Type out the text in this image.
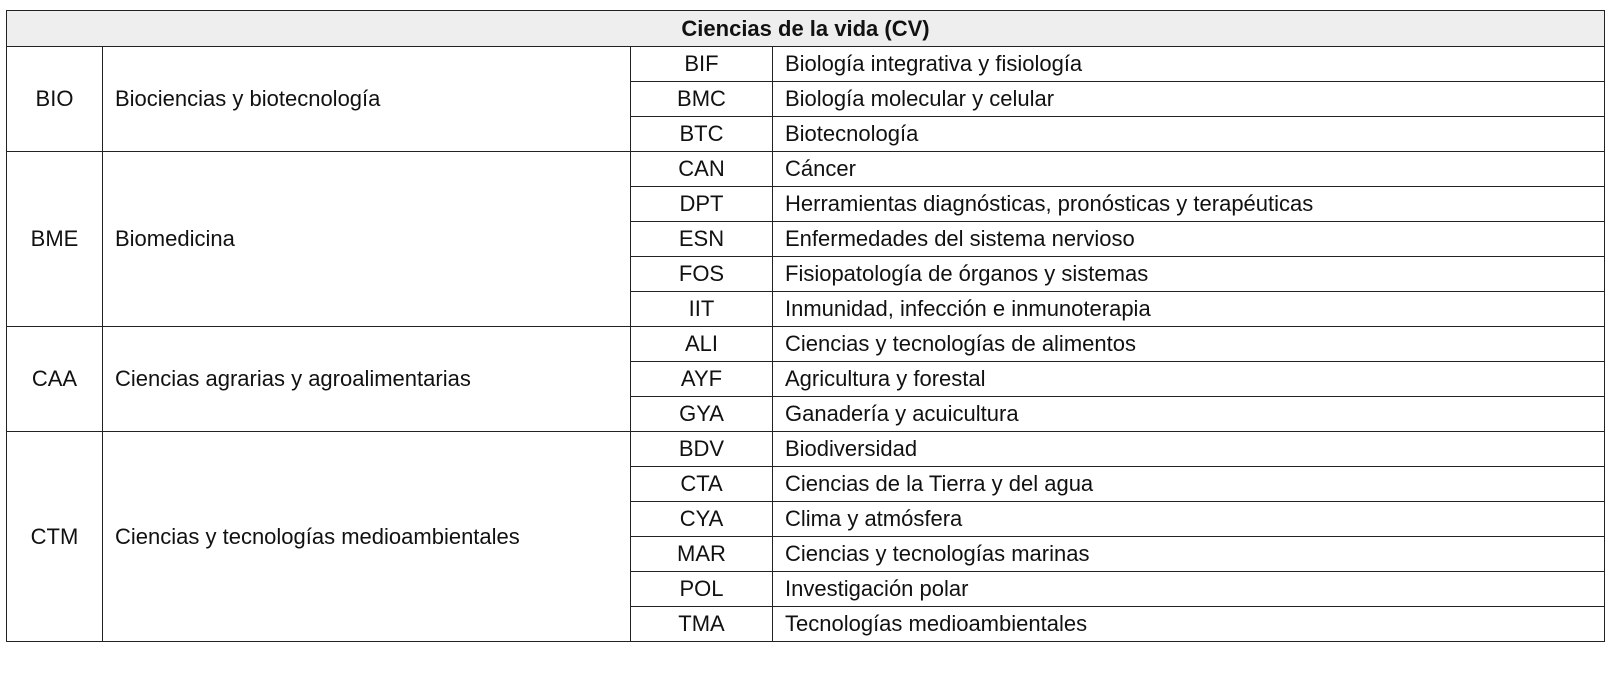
Ciencias de la vida (CV)			
BIO	Biociencias y biotecnología	BIF	Biología integrativa y fisiología
		BMC	Biología molecular y celular
		BTC	Biotecnología
BME	Biomedicina	CAN	Cáncer
		DPT	Herramientas diagnósticas, pronósticas y terapéuticas
		ESN	Enfermedades del sistema nervioso
		FOS	Fisiopatología de órganos y sistemas
		IIT	Inmunidad, infección e inmunoterapia
CAA	Ciencias agrarias y agroalimentarias	ALI	Ciencias y tecnologías de alimentos
		AYF	Agricultura y forestal
		GYA	Ganadería y acuicultura
CTM	Ciencias y tecnologías medioambientales	BDV	Biodiversidad
		CTA	Ciencias de la Tierra y del agua
		CYA	Clima y atmósfera
		MAR	Ciencias y tecnologías marinas
		POL	Investigación polar
		TMA	Tecnologías medioambientales
